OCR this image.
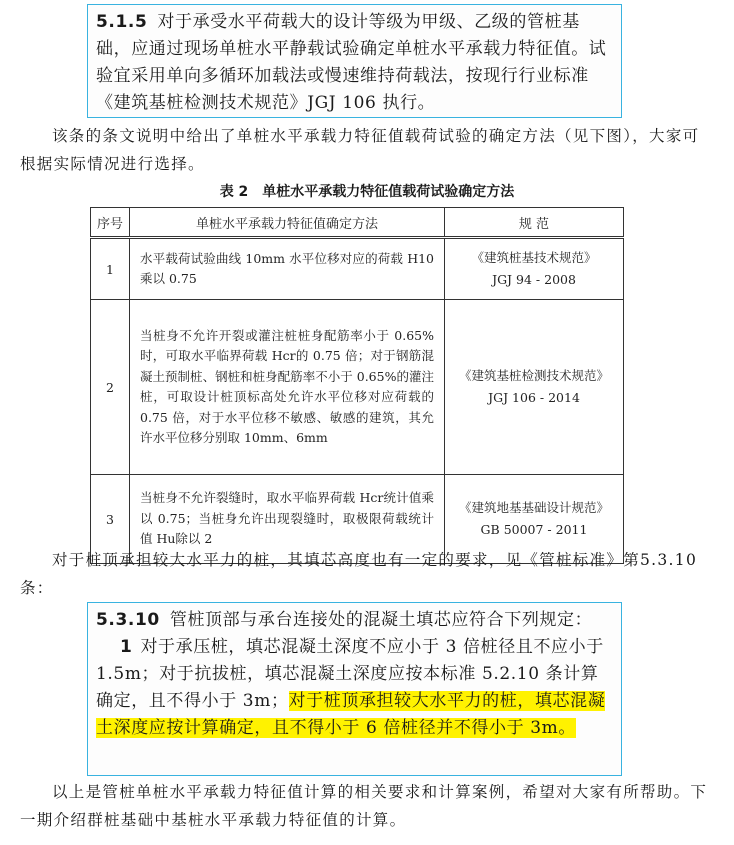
5.1.5 对于承受水平荷载大的设计等级为甲级、乙级的管桩基础，应通过现场单桩水平静载试验确定单桩水平承载力特征值。试验宜采用单向多循环加载法或慢速维持荷载法，按现行行业标准《建筑基桩检测技术规范》JGJ 106 执行。

该条的条文说明中给出了单桩水平承载力特征值载荷试验的确定方法（见下图），大家可根据实际情况进行选择。

表 2　单桩水平承载力特征值载荷试验确定方法
序号	单桩水平承载力特征值确定方法	规 范
1	水平载荷试验曲线 10mm 水平位移对应的荷载 H10乘以 0.75	《建筑桩基技术规范》
JGJ 94 - 2008

2	当桩身不允许开裂或灌注桩桩身配筋率小于 0.65%时，可取水平临界荷载 Hcr的 0.75 倍；对于钢筋混凝土预制桩、钢桩和桩身配筋率不小于 0.65%的灌注桩，可取设计桩顶标高处允许水平位移对应荷载的 0.75 倍，对于水平位移不敏感、敏感的建筑，其允许水平位移分别取 10mm、6mm	《建筑基桩检测技术规范》
JGJ 106 - 2014

3	当桩身不允许裂缝时，取水平临界荷载 Hcr统计值乘以 0.75；当桩身允许出现裂缝时，取极限荷载统计值 Hu除以 2	《建筑地基基础设计规范》
GB 50007 - 2011

对于桩顶承担较大水平力的桩，其填芯高度也有一定的要求，见《管桩标准》第5.3.10条：

5.3.10 管桩顶部与承台连接处的混凝土填芯应符合下列规定：

1 对于承压桩，填芯混凝土深度不应小于 3 倍桩径且不应小于 1.5m；对于抗拔桩，填芯混凝土深度应按本标准 5.2.10 条计算确定，且不得小于 3m；对于桩顶承担较大水平力的桩，填芯混凝土深度应按计算确定，且不得小于 6 倍桩径并不得小于 3m。

以上是管桩单桩水平承载力特征值计算的相关要求和计算案例，希望对大家有所帮助。下一期介绍群桩基础中基桩水平承载力特征值的计算。
